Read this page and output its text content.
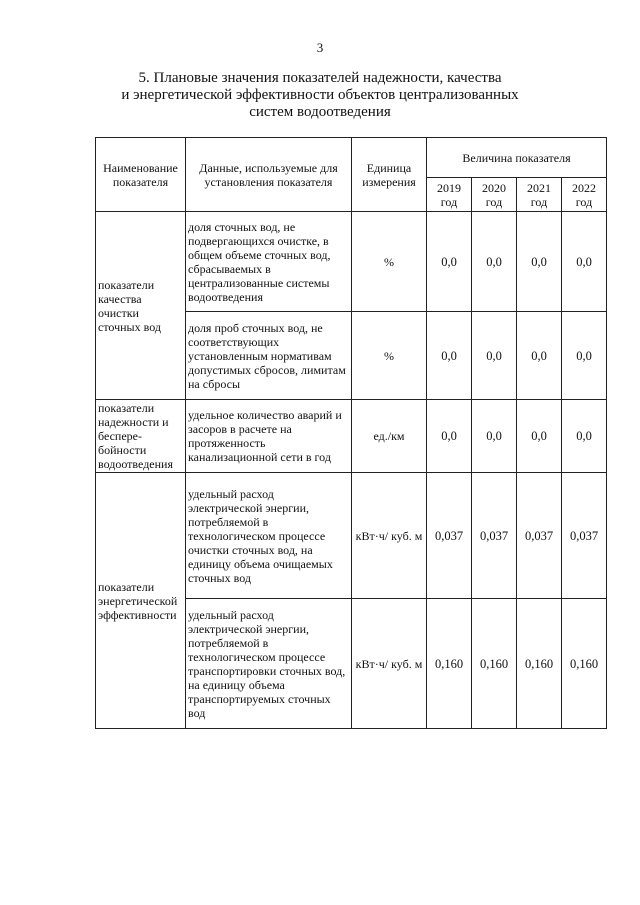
3
5. Плановые значения показателей надежности, качества
и энергетической эффективности объектов централизованных
систем водоотведения
Наименование показателя	Данные, используемые для установления показателя	Единица измерения	Величина показателя			
			2019 год	2020 год	2021 год	2022 год
показатели качества очистки сточных вод	доля сточных вод, не подвергающихся очистке, в общем объеме сточных вод, сбрасываемых в централизованные системы водоотведения	%	0,0	0,0	0,0	0,0
	доля проб сточных вод, не соответствующих установленным нормативам допустимых сбросов, лимитам на сбросы	%	0,0	0,0	0,0	0,0
показатели надежности и беспере-бойности водоотведения	удельное количество аварий и засоров в расчете на протяженность канализационной сети в год	ед./км	0,0	0,0	0,0	0,0
показатели энергетической эффективности	удельный расход электрической энергии, потребляемой в технологическом процессе очистки сточных вод, на единицу объема очищаемых сточных вод	кВт·ч/ куб. м	0,037	0,037	0,037	0,037
	удельный расход электрической энергии, потребляемой в технологическом процессе транспортировки сточных вод, на единицу объема транспортируемых сточных вод	кВт·ч/ куб. м	0,160	0,160	0,160	0,160
